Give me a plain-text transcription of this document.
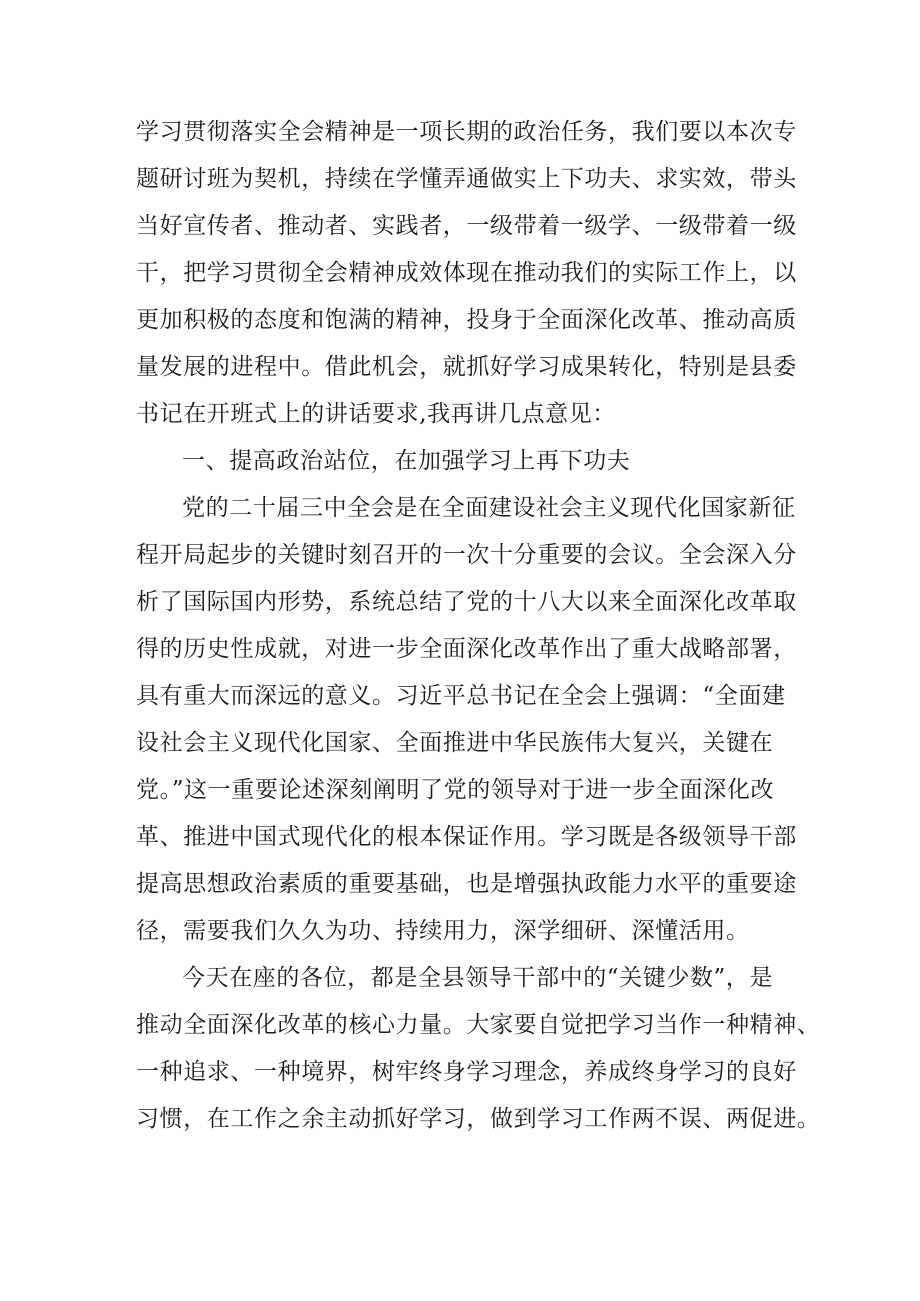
学习贯彻落实全会精神是一项长期的政治任务，我们要以本次专
题研讨班为契机，持续在学懂弄通做实上下功夫、求实效，带头
当好宣传者、推动者、实践者，一级带着一级学、一级带着一级
干，把学习贯彻全会精神成效体现在推动我们的实际工作上，以
更加积极的态度和饱满的精神，投身于全面深化改革、推动高质
量发展的进程中。借此机会，就抓好学习成果转化，特别是县委
书记在开班式上的讲话要求,我再讲几点意见：
一、提高政治站位，在加强学习上再下功夫
党的二十届三中全会是在全面建设社会主义现代化国家新征
程开局起步的关键时刻召开的一次十分重要的会议。全会深入分
析了国际国内形势，系统总结了党的十八大以来全面深化改革取
得的历史性成就，对进一步全面深化改革作出了重大战略部署，
具有重大而深远的意义。习近平总书记在全会上强调：“全面建
设社会主义现代化国家、全面推进中华民族伟大复兴，关键在
党。”这一重要论述深刻阐明了党的领导对于进一步全面深化改
革、推进中国式现代化的根本保证作用。学习既是各级领导干部
提高思想政治素质的重要基础，也是增强执政能力水平的重要途
径，需要我们久久为功、持续用力，深学细研、深懂活用。
今天在座的各位，都是全县领导干部中的“关键少数”，是
推动全面深化改革的核心力量。大家要自觉把学习当作一种精神、
一种追求、一种境界，树牢终身学习理念，养成终身学习的良好
习惯，在工作之余主动抓好学习，做到学习工作两不误、两促进。
